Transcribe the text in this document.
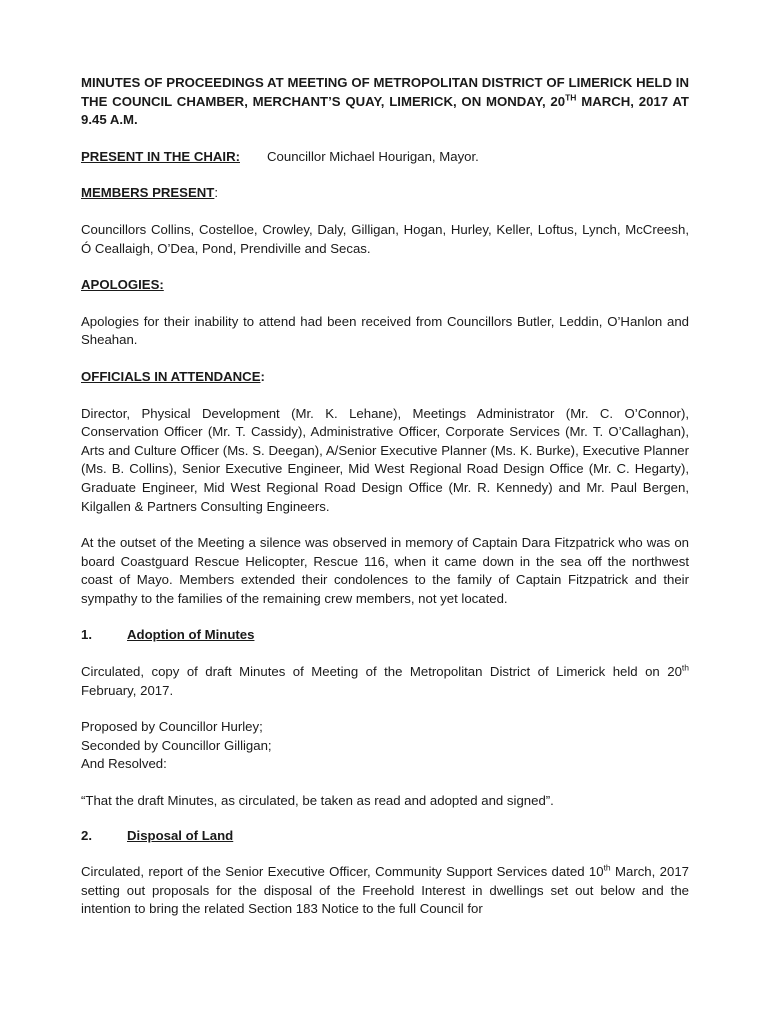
MINUTES OF PROCEEDINGS AT MEETING OF METROPOLITAN DISTRICT OF LIMERICK HELD IN THE COUNCIL CHAMBER, MERCHANT’S QUAY, LIMERICK, ON MONDAY, 20TH MARCH, 2017 AT 9.45 A.M.

PRESENT IN THE CHAIR: Councillor Michael Hourigan, Mayor.

MEMBERS PRESENT:

Councillors Collins, Costelloe, Crowley, Daly, Gilligan, Hogan, Hurley, Keller, Loftus, Lynch, McCreesh, Ó Ceallaigh, O’Dea, Pond, Prendiville and Secas.

APOLOGIES:

Apologies for their inability to attend had been received from Councillors Butler, Leddin, O’Hanlon and Sheahan.

OFFICIALS IN ATTENDANCE:

Director, Physical Development (Mr. K. Lehane), Meetings Administrator (Mr. C. O’Connor), Conservation Officer (Mr. T. Cassidy), Administrative Officer, Corporate Services (Mr. T. O’Callaghan), Arts and Culture Officer (Ms. S. Deegan), A/Senior Executive Planner (Ms. K. Burke), Executive Planner (Ms. B. Collins), Senior Executive Engineer, Mid West Regional Road Design Office (Mr. C. Hegarty), Graduate Engineer, Mid West Regional Road Design Office (Mr. R. Kennedy) and Mr. Paul Bergen, Kilgallen & Partners Consulting Engineers.

At the outset of the Meeting a silence was observed in memory of Captain Dara Fitzpatrick who was on board Coastguard Rescue Helicopter, Rescue 116, when it came down in the sea off the northwest coast of Mayo. Members extended their condolences to the family of Captain Fitzpatrick and their sympathy to the families of the remaining crew members, not yet located.

1.	Adoption of Minutes

Circulated, copy of draft Minutes of Meeting of the Metropolitan District of Limerick held on 20th February, 2017.

Proposed by Councillor Hurley;

Seconded by Councillor Gilligan;

And Resolved:

“That the draft Minutes, as circulated, be taken as read and adopted and signed”.

2.	Disposal of Land

Circulated, report of the Senior Executive Officer, Community Support Services dated 10th March, 2017 setting out proposals for the disposal of the Freehold Interest in dwellings set out below and the intention to bring the related Section 183 Notice to the full Council for
